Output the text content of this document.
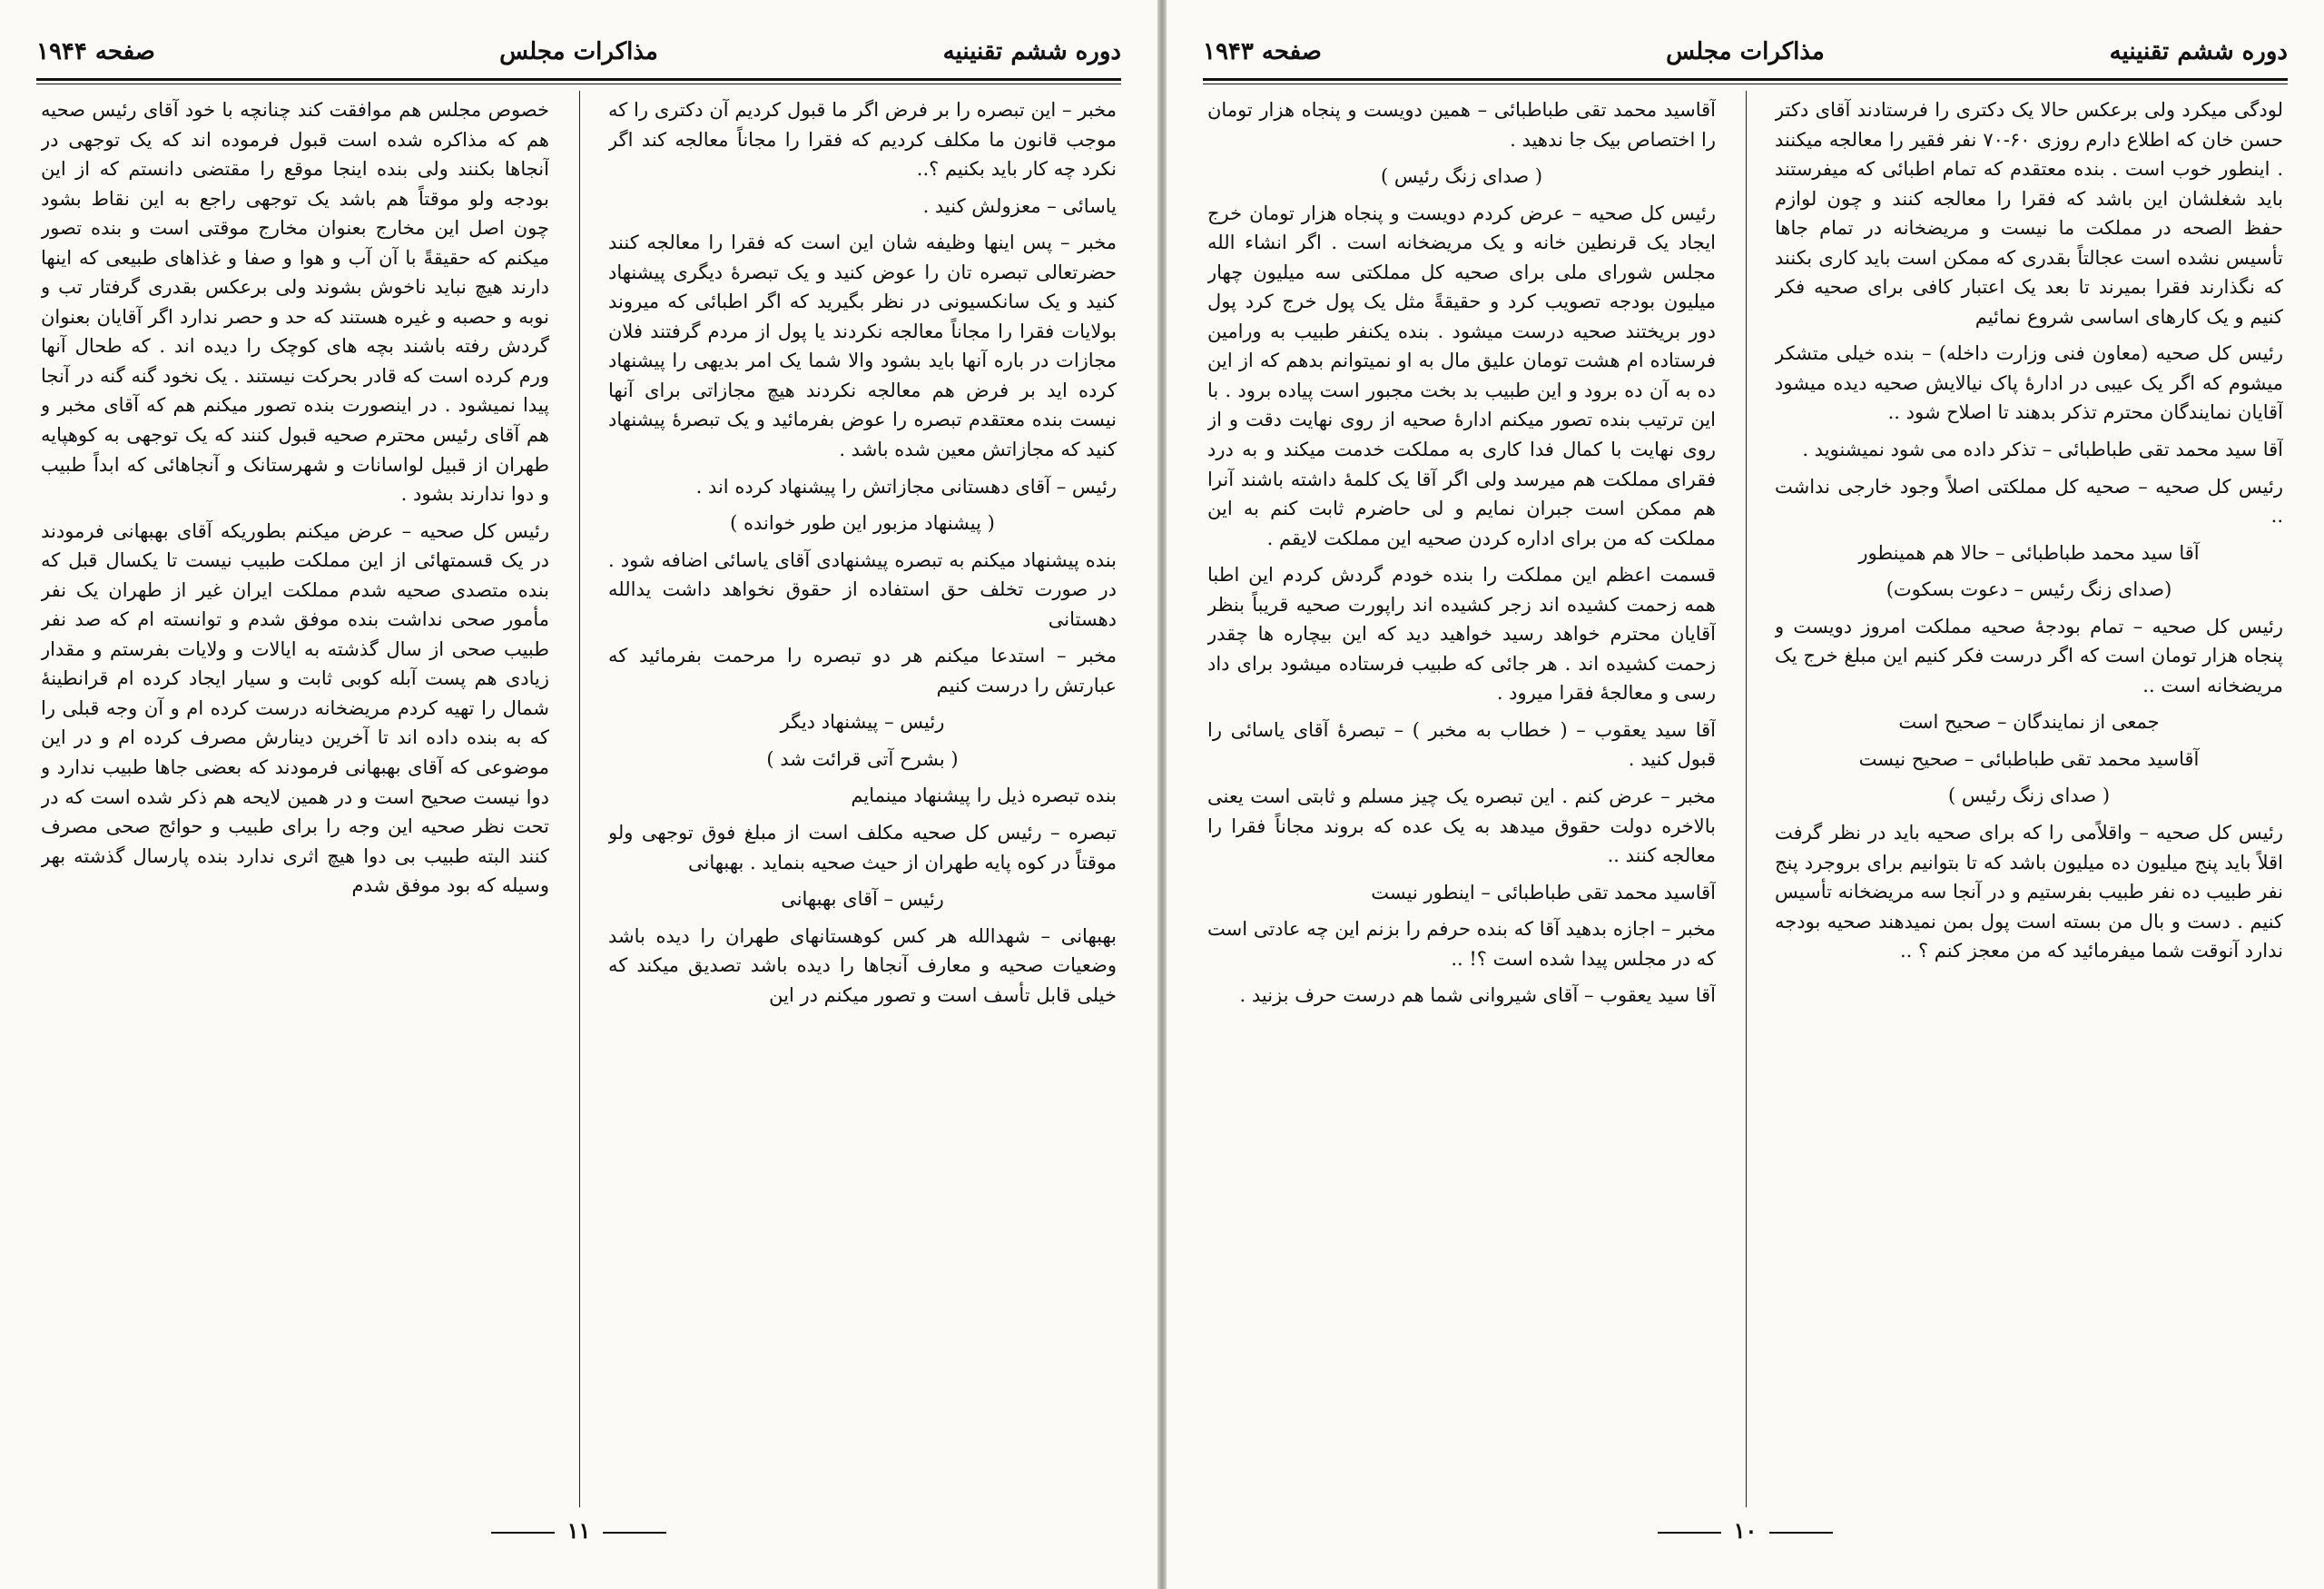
دوره ششم تقنینیه
مذاکرات مجلس
صفحه ۱۹۴۴

مخبر – این تبصره را بر فرض اگر ما قبول کردیم آن دکتری را که موجب قانون ما مکلف کردیم که فقرا را مجاناً معالجه کند اگر نکرد چه کار باید بکنیم ؟..

یاسائی – معزولش کنید .

مخبر – پس اینها وظیفه شان این است که فقرا را معالجه کنند حضرتعالی تبصره تان را عوض کنید و یک تبصرهٔ دیگری پیشنهاد کنید و یک سانکسیونی در نظر بگیرید که اگر اطبائی که میروند بولایات فقرا را مجاناً معالجه نکردند یا پول از مردم گرفتند فلان مجازات در باره آنها باید بشود والا شما یک امر بدیهی را پیشنهاد کرده اید بر فرض هم معالجه نکردند هیچ مجازاتی برای آنها نیست بنده معتقدم تبصره را عوض بفرمائید و یک تبصرهٔ پیشنهاد کنید که مجازاتش معین شده باشد .

رئیس – آقای دهستانی مجازاتش را پیشنهاد کرده اند .

( پیشنهاد مزبور این طور خوانده )

بنده پیشنهاد میکنم به تبصره پیشنهادی آقای یاسائی اضافه شود . در صورت تخلف حق استفاده از حقوق نخواهد داشت یدالله دهستانی

مخبر – استدعا میکنم هر دو تبصره را مرحمت بفرمائید که عبارتش را درست کنیم

رئیس – پیشنهاد دیگر

( بشرح آتی قرائت شد )

بنده تبصره ذیل را پیشنهاد مینمایم

تبصره – رئیس کل صحیه مکلف است از مبلغ فوق توجهی ولو موقتاً در کوه پایه طهران از حیث صحیه بنماید . بهبهانی

رئیس – آقای بهبهانی

بهبهانی – شهدالله هر کس کوهستانهای طهران را دیده باشد وضعیات صحیه و معارف آنجاها را دیده باشد تصدیق میکند که خیلی قابل تأسف است و تصور میکنم در این

خصوص مجلس هم موافقت کند چنانچه با خود آقای رئیس صحیه هم که مذاکره شده است قبول فرموده اند که یک توجهی در آنجاها بکنند ولی بنده اینجا موقع را مقتضی دانستم که از این بودجه ولو موقتاً هم باشد یک توجهی راجع به این نقاط بشود چون اصل این مخارج بعنوان مخارج موقتی است و بنده تصور میکنم که حقیقةً با آن آب و هوا و صفا و غذاهای طبیعی که اینها دارند هیچ نباید ناخوش بشوند ولی برعکس بقدری گرفتار تب و نوبه و حصبه و غیره هستند که حد و حصر ندارد اگر آقایان بعنوان گردش رفته باشند بچه های کوچک را دیده اند . که طحال آنها ورم کرده است که قادر بحرکت نیستند . یک نخود گنه گنه در آنجا پیدا نمیشود . در اینصورت بنده تصور میکنم هم که آقای مخبر و هم آقای رئیس محترم صحیه قبول کنند که یک توجهی به کوهپایه طهران از قبیل لواسانات و شهرستانک و آنجاهائی که ابداً طبیب و دوا ندارند بشود .

رئیس کل صحیه – عرض میکنم بطوریکه آقای بهبهانی فرمودند در یک قسمتهائی از این مملکت طبیب نیست تا یکسال قبل که بنده متصدی صحیه شدم مملکت ایران غیر از طهران یک نفر مأمور صحی نداشت بنده موفق شدم و توانسته ام که صد نفر طبیب صحی از سال گذشته به ایالات و ولایات بفرستم و مقدار زیادی هم پست آبله کوبی ثابت و سیار ایجاد کرده ام قرانطینهٔ شمال را تهیه کردم مریضخانه درست کرده ام و آن وجه قبلی را که به بنده داده اند تا آخرین دینارش مصرف کرده ام و در این موضوعی که آقای بهبهانی فرمودند که بعضی جاها طبیب ندارد و دوا نیست صحیح است و در همین لایحه هم ذکر شده است که در تحت نظر صحیه این وجه را برای طبیب و حوائج صحی مصرف کنند البته طبیب بی دوا هیچ اثری ندارد بنده پارسال گذشته بهر وسیله که بود موفق شدم

۱۱
دوره ششم تقنینیه
مذاکرات مجلس
صفحه ۱۹۴۳

لودگی میکرد ولی برعکس حالا یک دکتری را فرستادند آقای دکتر حسن خان که اطلاع دارم روزی ۶۰-۷۰ نفر فقیر را معالجه میکنند . اینطور خوب است . بنده معتقدم که تمام اطبائی که میفرستند باید شغلشان این باشد که فقرا را معالجه کنند و چون لوازم حفظ الصحه در مملکت ما نیست و مریضخانه در تمام جاها تأسیس نشده است عجالتاً بقدری که ممکن است باید کاری بکنند که نگذارند فقرا بمیرند تا بعد یک اعتبار کافی برای صحیه فکر کنیم و یک کارهای اساسی شروع نمائیم

رئیس کل صحیه (معاون فنی وزارت داخله) – بنده خیلی متشکر میشوم که اگر یک عیبی در ادارهٔ پاک نیالایش صحیه دیده میشود آقایان نمایندگان محترم تذکر بدهند تا اصلاح شود ..

آقا سید محمد تقی طباطبائی – تذکر داده می شود نمیشنوید .

رئیس کل صحیه – صحیه کل مملکتی اصلاً وجود خارجی نداشت ..

آقا سید محمد طباطبائی – حالا هم همینطور

(صدای زنگ رئیس – دعوت بسکوت)

رئیس کل صحیه – تمام بودجهٔ صحیه مملکت امروز دویست و پنجاه هزار تومان است که اگر درست فکر کنیم این مبلغ خرج یک مریضخانه است ..

جمعی از نمایندگان – صحیح است

آقاسید محمد تقی طباطبائی – صحیح نیست

( صدای زنگ رئیس )

رئیس کل صحیه – واقلاًمی را که برای صحیه باید در نظر گرفت اقلاً باید پنج میلیون ده میلیون باشد که تا بتوانیم برای بروجرد پنج نفر طبیب ده نفر طبیب بفرستیم و در آنجا سه مریضخانه تأسیس کنیم . دست و بال من بسته است پول بمن نمیدهند صحیه بودجه ندارد آنوقت شما میفرمائید که من معجز کنم ؟ ..

آقاسید محمد تقی طباطبائی – همین دویست و پنجاه هزار تومان را اختصاص بیک جا ندهید .

( صدای زنگ رئیس )

رئیس کل صحیه – عرض کردم دویست و پنجاه هزار تومان خرج ایجاد یک قرنطین خانه و یک مریضخانه است . اگر انشاء الله مجلس شورای ملی برای صحیه کل مملکتی سه میلیون چهار میلیون بودجه تصویب کرد و حقیقةً مثل یک پول خرج کرد پول دور بریختند صحیه درست میشود . بنده یکنفر طبیب به ورامین فرستاده ام هشت تومان علیق مال به او نمیتوانم بدهم که از این ده به آن ده برود و این طبیب بد بخت مجبور است پیاده برود . با این ترتیب بنده تصور میکنم ادارهٔ صحیه از روی نهایت دقت و از روی نهایت با کمال فدا کاری به مملکت خدمت میکند و به درد فقرای مملکت هم میرسد ولی اگر آقا یک کلمهٔ داشته باشند آنرا هم ممکن است جبران نمایم و لی حاضرم ثابت کنم به این مملکت که من برای اداره کردن صحیه این مملکت لایقم .

قسمت اعظم این مملکت را بنده خودم گردش کردم این اطبا همه زحمت کشیده اند زجر کشیده اند راپورت صحیه قریباً بنظر آقایان محترم خواهد رسید خواهید دید که این بیچاره ها چقدر زحمت کشیده اند . هر جائی که طبیب فرستاده میشود برای داد رسی و معالجهٔ فقرا میرود .

آقا سید یعقوب – ( خطاب به مخبر ) – تبصرهٔ آقای یاسائی را قبول کنید .

مخبر – عرض کنم . این تبصره یک چیز مسلم و ثابتی است یعنی بالاخره دولت حقوق میدهد به یک عده که بروند مجاناً فقرا را معالجه کنند ..

آقاسید محمد تقی طباطبائی – اینطور نیست

مخبر – اجازه بدهید آقا که بنده حرفم را بزنم این چه عادتی است که در مجلس پیدا شده است ؟! ..

آقا سید یعقوب – آقای شیروانی شما هم درست حرف بزنید .

۱۰
